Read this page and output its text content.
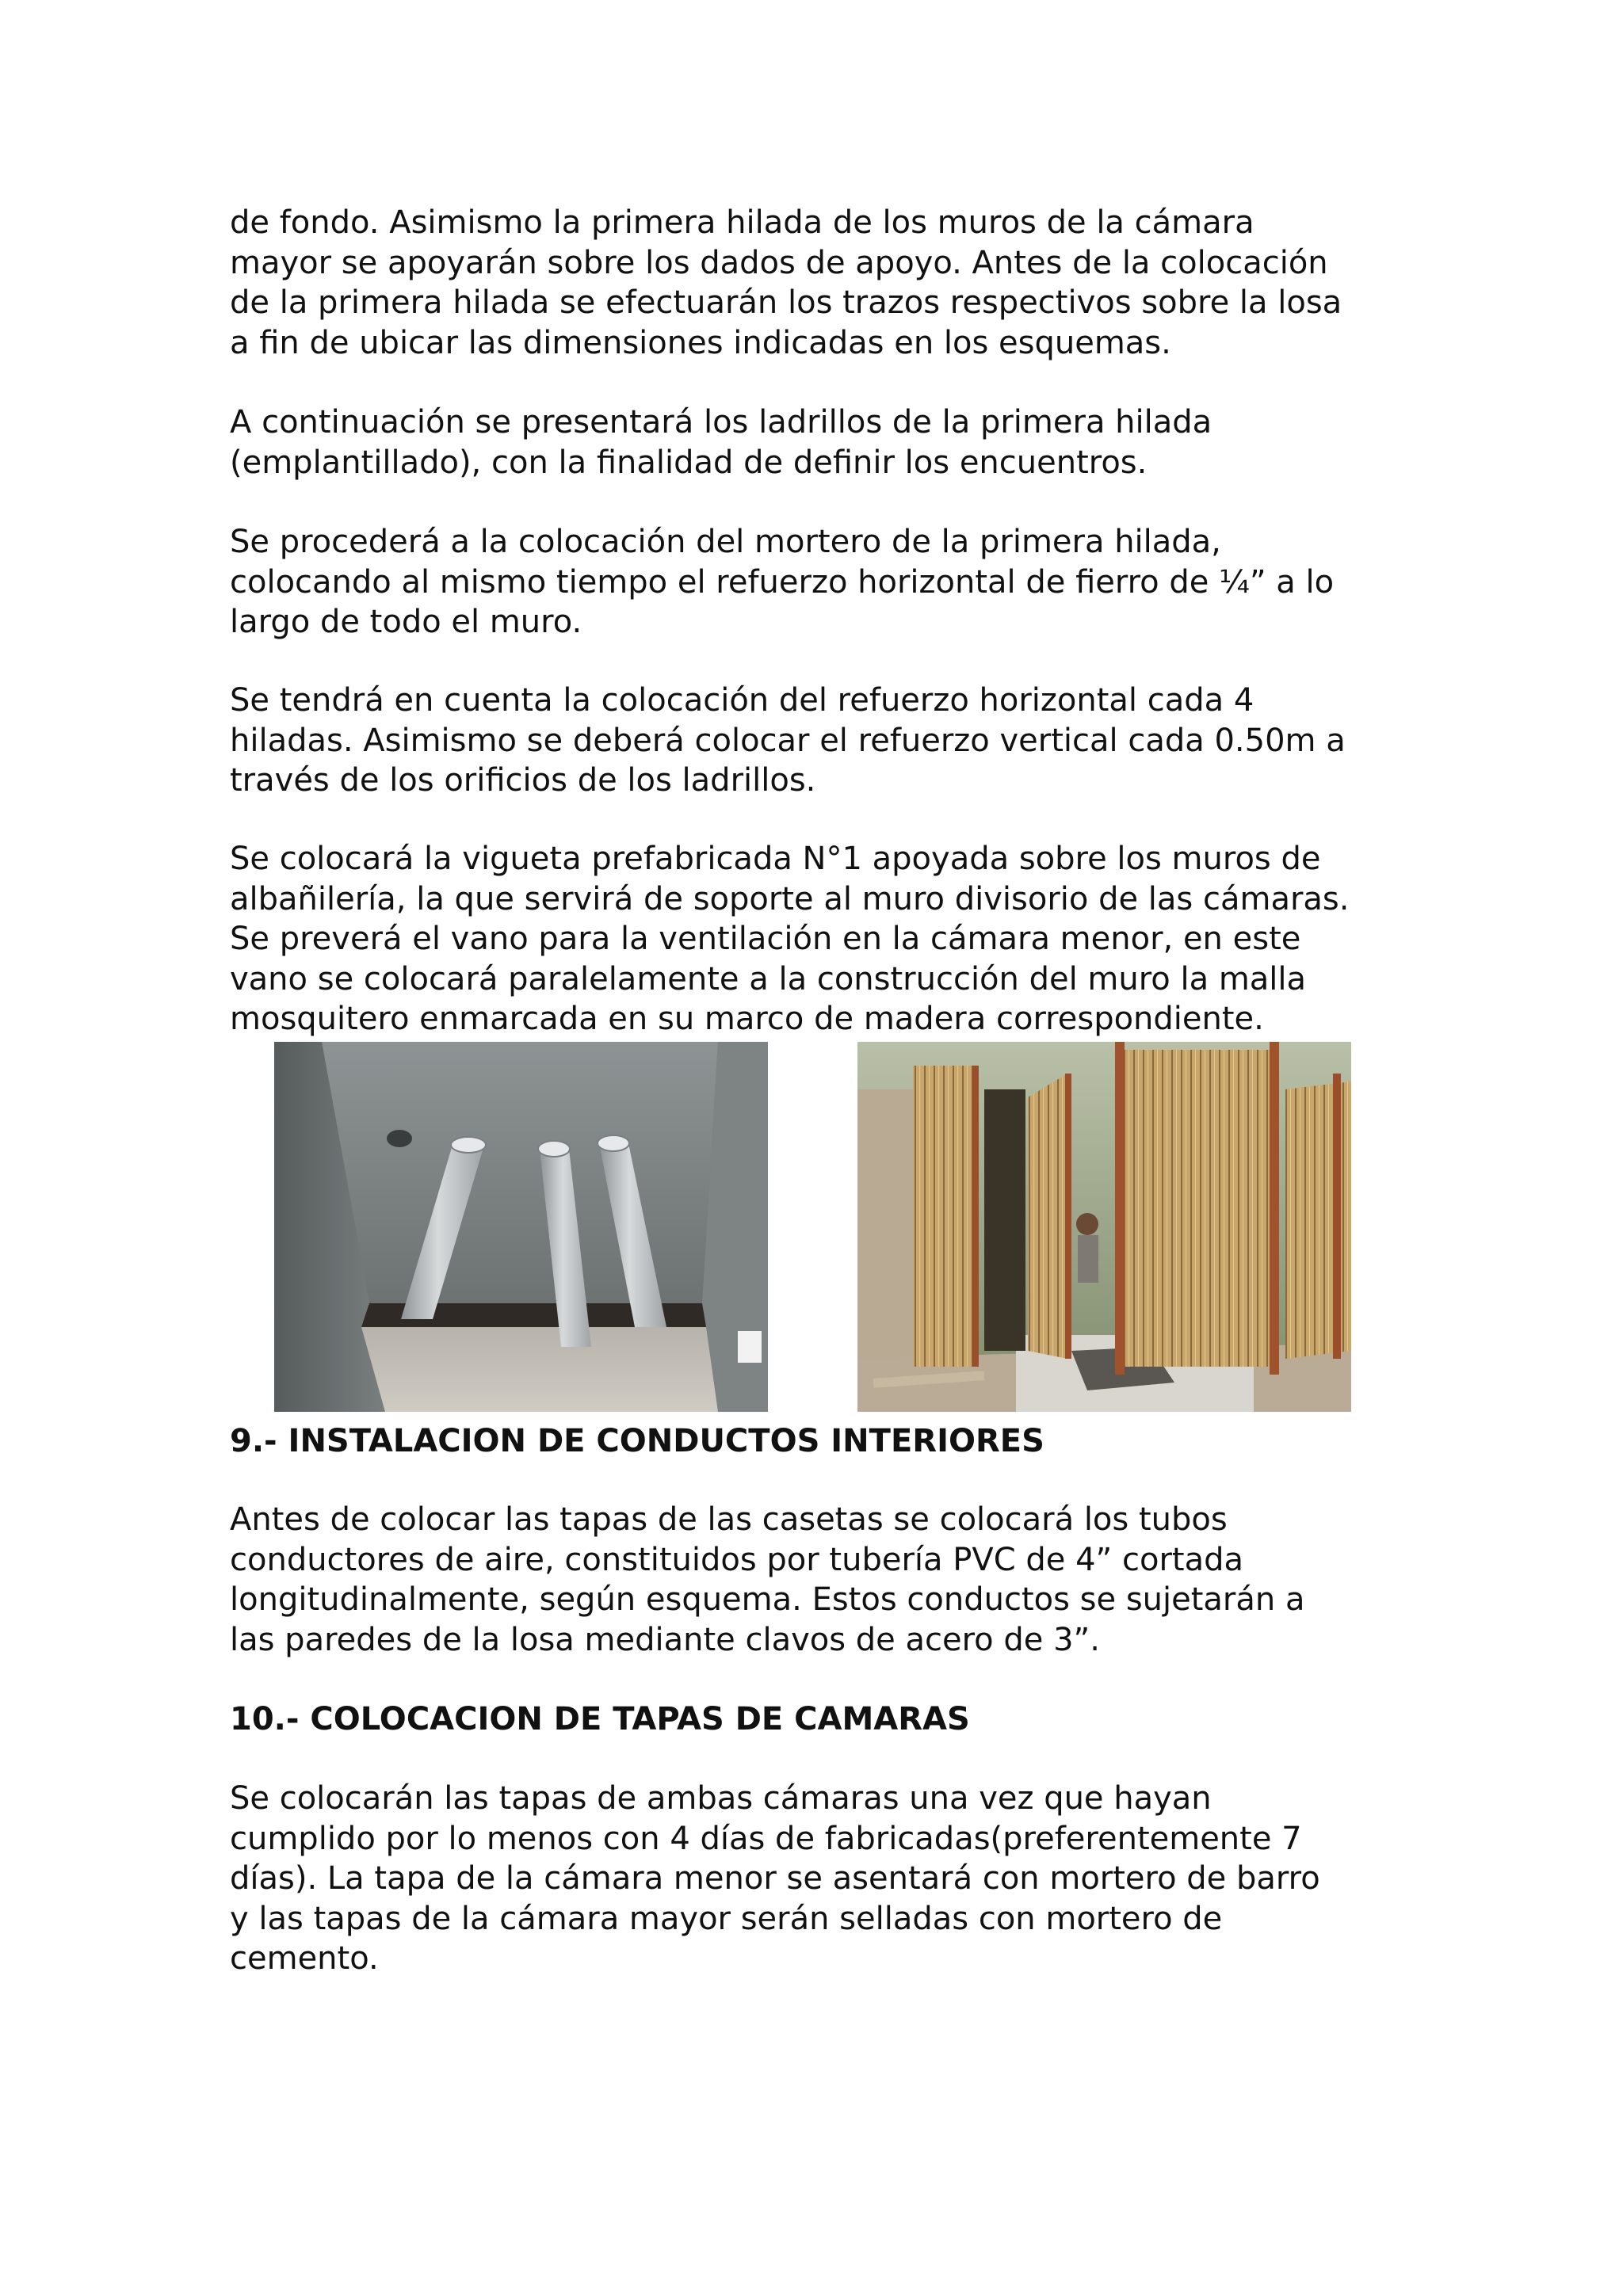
de fondo. Asimismo la primera hilada de los muros de la cámara
mayor se apoyarán sobre los dados de apoyo. Antes de la colocación
de la primera hilada se efectuarán los trazos respectivos sobre la losa
a fin de ubicar las dimensiones indicadas en los esquemas.

A continuación se presentará los ladrillos de la primera hilada
(emplantillado), con la finalidad de definir los encuentros.

Se procederá a la colocación del mortero de la primera hilada,
colocando al mismo tiempo el refuerzo horizontal de fierro de ¼” a lo
largo de todo el muro.

Se tendrá en cuenta la colocación del refuerzo horizontal cada 4
hiladas. Asimismo se deberá colocar el refuerzo vertical cada 0.50m a
través de los orificios de los ladrillos.

Se colocará la vigueta prefabricada N°1 apoyada sobre los muros de
albañilería, la que servirá de soporte al muro divisorio de las cámaras.
Se preverá el vano para la ventilación en la cámara menor, en este
vano se colocará paralelamente a la construcción del muro la malla
mosquitero enmarcada en su marco de madera correspondiente.

9.- INSTALACION DE CONDUCTOS INTERIORES

Antes de colocar las tapas de las casetas se colocará los tubos
conductores de aire, constituidos por tubería PVC de 4” cortada
longitudinalmente, según esquema. Estos conductos se sujetarán a
las paredes de la losa mediante clavos de acero de 3”.

10.- COLOCACION DE TAPAS DE CAMARAS

Se colocarán las tapas de ambas cámaras una vez que hayan
cumplido por lo menos con 4 días de fabricadas(preferentemente 7
días). La tapa de la cámara menor se asentará con mortero de barro
y las tapas de la cámara mayor serán selladas con mortero de
cemento.
